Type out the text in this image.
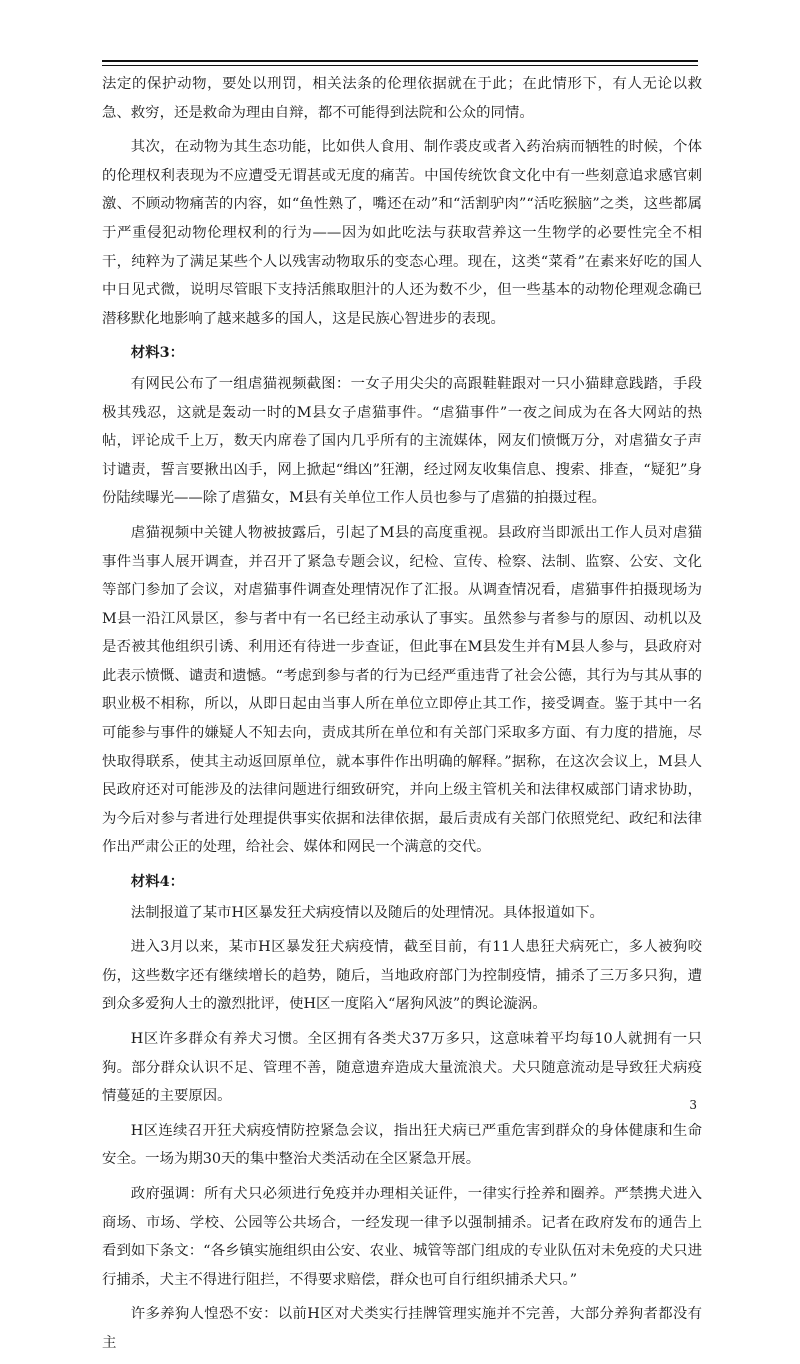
法定的保护动物，要处以刑罚，相关法条的伦理依据就在于此；在此情形下，有人无论以救急、救穷，还是救命为理由自辩，都不可能得到法院和公众的同情。

其次，在动物为其生态功能，比如供人食用、制作裘皮或者入药治病而牺牲的时候，个体的伦理权利表现为不应遭受无谓甚或无度的痛苦。中国传统饮食文化中有一些刻意追求感官刺激、不顾动物痛苦的内容，如“鱼性熟了，嘴还在动”和“活割驴肉”“活吃猴脑”之类，这些都属于严重侵犯动物伦理权利的行为——因为如此吃法与获取营养这一生物学的必要性完全不相干，纯粹为了满足某些个人以残害动物取乐的变态心理。现在，这类“菜肴”在素来好吃的国人中日见式微，说明尽管眼下支持活熊取胆汁的人还为数不少，但一些基本的动物伦理观念确已潜移默化地影响了越来越多的国人，这是民族心智进步的表现。

材料3：

有网民公布了一组虐猫视频截图：一女子用尖尖的高跟鞋鞋跟对一只小猫肆意践踏，手段极其残忍，这就是轰动一时的M县女子虐猫事件。“虐猫事件”一夜之间成为在各大网站的热帖，评论成千上万，数天内席卷了国内几乎所有的主流媒体，网友们愤慨万分，对虐猫女子声讨谴责，誓言要揪出凶手，网上掀起“缉凶”狂潮，经过网友收集信息、搜索、排查，“疑犯”身份陆续曝光——除了虐猫女，M县有关单位工作人员也参与了虐猫的拍摄过程。

虐猫视频中关键人物被披露后，引起了M县的高度重视。县政府当即派出工作人员对虐猫事件当事人展开调查，并召开了紧急专题会议，纪检、宣传、检察、法制、监察、公安、文化等部门参加了会议，对虐猫事件调查处理情况作了汇报。从调查情况看，虐猫事件拍摄现场为M县一沿江风景区，参与者中有一名已经主动承认了事实。虽然参与者参与的原因、动机以及是否被其他组织引诱、利用还有待进一步查证，但此事在M县发生并有M县人参与，县政府对此表示愤慨、谴责和遗憾。“考虑到参与者的行为已经严重违背了社会公德，其行为与其从事的职业极不相称，所以，从即日起由当事人所在单位立即停止其工作，接受调查。鉴于其中一名可能参与事件的嫌疑人不知去向，责成其所在单位和有关部门采取多方面、有力度的措施，尽快取得联系，使其主动返回原单位，就本事件作出明确的解释。”据称，在这次会议上，M县人民政府还对可能涉及的法律问题进行细致研究，并向上级主管机关和法律权威部门请求协助，为今后对参与者进行处理提供事实依据和法律依据，最后责成有关部门依照党纪、政纪和法律作出严肃公正的处理，给社会、媒体和网民一个满意的交代。

材料4：

法制报道了某市H区暴发狂犬病疫情以及随后的处理情况。具体报道如下。

进入3月以来，某市H区暴发狂犬病疫情，截至目前，有11人患狂犬病死亡，多人被狗咬伤，这些数字还有继续增长的趋势，随后，当地政府部门为控制疫情，捕杀了三万多只狗，遭到众多爱狗人士的激烈批评，使H区一度陷入“屠狗风波”的舆论漩涡。

H区许多群众有养犬习惯。全区拥有各类犬37万多只，这意味着平均每10人就拥有一只狗。部分群众认识不足、管理不善，随意遗弃造成大量流浪犬。犬只随意流动是导致狂犬病疫情蔓延的主要原因。

H区连续召开狂犬病疫情防控紧急会议，指出狂犬病已严重危害到群众的身体健康和生命安全。一场为期30天的集中整治犬类活动在全区紧急开展。

政府强调：所有犬只必须进行免疫并办理相关证件，一律实行拴养和圈养。严禁携犬进入商场、市场、学校、公园等公共场合，一经发现一律予以强制捕杀。记者在政府发布的通告上看到如下条文：“各乡镇实施组织由公安、农业、城管等部门组成的专业队伍对未免疫的犬只进行捕杀，犬主不得进行阻拦，不得要求赔偿，群众也可自行组织捕杀犬只。”

许多养狗人惶恐不安：以前H区对犬类实行挂牌管理实施并不完善，大部分养狗者都没有主

3
